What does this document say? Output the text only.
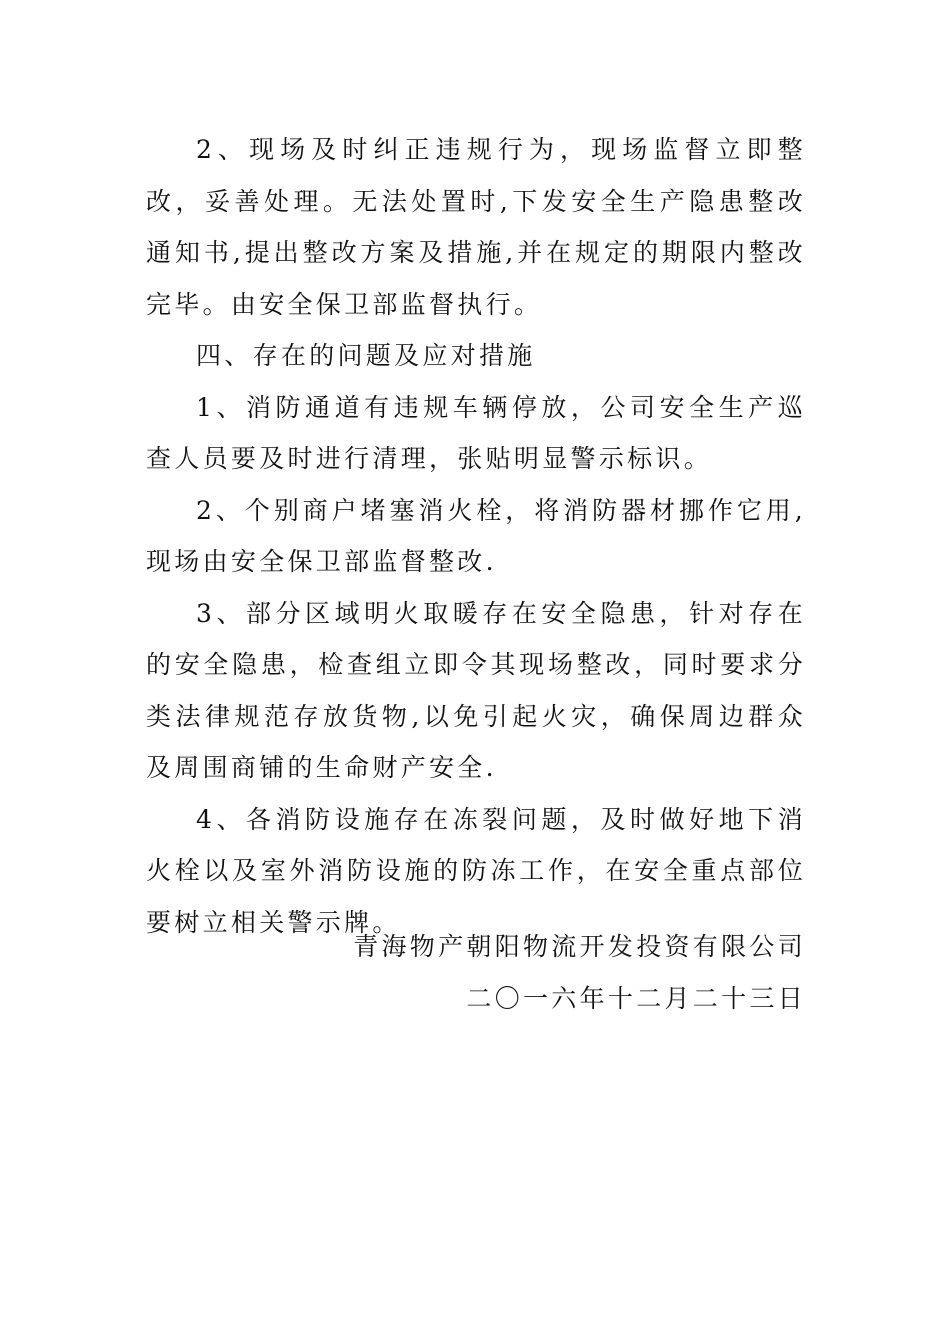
2、现场及时纠正违规行为，现场监督立即整改，妥善处理。无法处置时,下发安全生产隐患整改通知书,提出整改方案及措施,并在规定的期限内整改完毕。由安全保卫部监督执行。

四、存在的问题及应对措施

1、消防通道有违规车辆停放，公司安全生产巡查人员要及时进行清理，张贴明显警示标识。

2、个别商户堵塞消火栓，将消防器材挪作它用,现场由安全保卫部监督整改.

3、部分区域明火取暖存在安全隐患，针对存在的安全隐患，检查组立即令其现场整改，同时要求分类法律规范存放货物,以免引起火灾，确保周边群众及周围商铺的生命财产安全.

4、各消防设施存在冻裂问题，及时做好地下消火栓以及室外消防设施的防冻工作，在安全重点部位要树立相关警示牌。

青海物产朝阳物流开发投资有限公司
二〇一六年十二月二十三日
